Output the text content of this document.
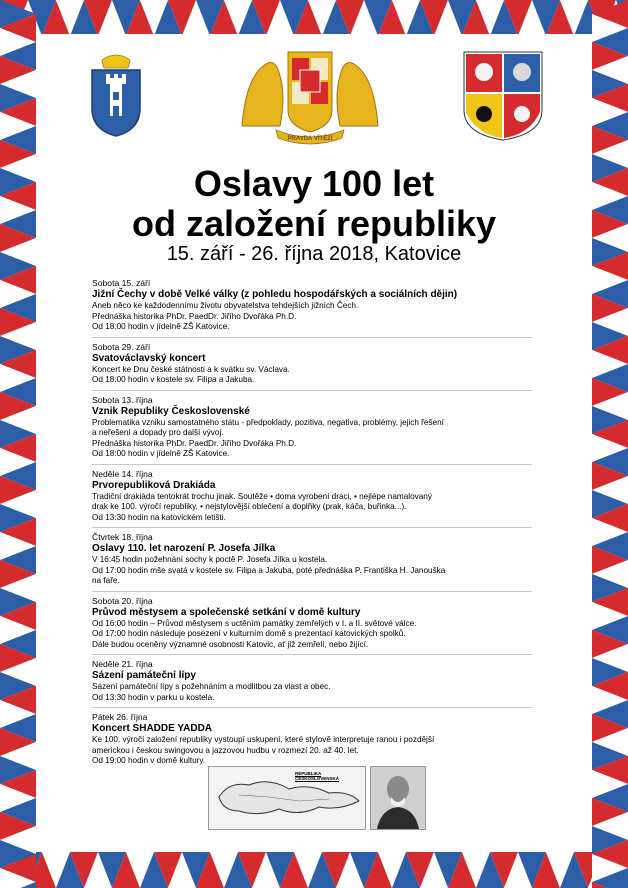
PRAVDA VÍTĚZÍ
Oslavy 100 let
od založení republiky
15. září - 26. října 2018, Katovice
Sobota 15. září
Jižní Čechy v době Velké války (z pohledu hospodářských a sociálních dějin)
Aneb něco ke každodennímu životu obyvatelstva tehdejších jižních Čech.
Přednáška historika PhDr. PaedDr. Jiřího Dvořáka Ph.D.
Od 18:00 hodin v jídelně ZŠ Katovice.
Sobota 29. září
Svatováclavský koncert
Koncert ke Dnu české státnosti a k svátku sv. Václava.
Od 18:00 hodin v kostele sv. Filipa a Jakuba.
Sobota 13. října
Vznik Republiky Československé
Problematika vzniku samostatného státu - předpoklady, pozitiva, negativa, problémy, jejich řešení
a neřešení a dopady pro další vývoj.
Přednáška historika PhDr. PaedDr. Jiřího Dvořáka Ph.D.
Od 18:00 hodin v jídelně ZŠ Katovice.
Neděle 14. října
Prvorepubliková Drakiáda
Tradiční drakiáda tentokrát trochu jinak. Soutěže • doma vyrobení draci, • nejlépe namalovaný
drak ke 100. výročí republiky, • nejstylovější oblečení a doplňky (prak, káča, buřinka...).
Od 13:30 hodin na katovickém letišti.
Čtvrtek 18. října
Oslavy 110. let narození P. Josefa Jílka
V 16:45 hodin požehnání sochy k poctě P. Josefa Jílka u kostela.
Od 17:00 hodin mše svatá v kostele sv. Filipa a Jakuba, poté přednáška P. Františka H. Janouška
na faře.
Sobota 20. října
Průvod městysem a společenské setkání v domě kultury
Od 16:00 hodin – Průvod městysem s uctěním památky zemřelých v I. a II. světové válce.
Od 17:00 hodin následuje posezení v kulturním domě s prezentací katovických spolků.
Dále budou oceněny významné osobnosti Katovic, ať již zemřelí, nebo žijící.
Neděle 21. října
Sázení památeční lípy
Sázení památeční lípy s požehnáním a modlitbou za vlast a obec.
Od 13:30 hodin v parku u kostela.
Pátek 26. října
Koncert SHADDE YADDA
Ke 100. výročí založení republiky vystoupí uskupení, které stylově interpretuje ranou i pozdější
americkou i českou swingovou a jazzovou hudbu v rozmezí 20. až 40. let.
Od 19:00 hodin v domě kultury.
REPUBLIKA ČESKOSLOVENSKÁ
